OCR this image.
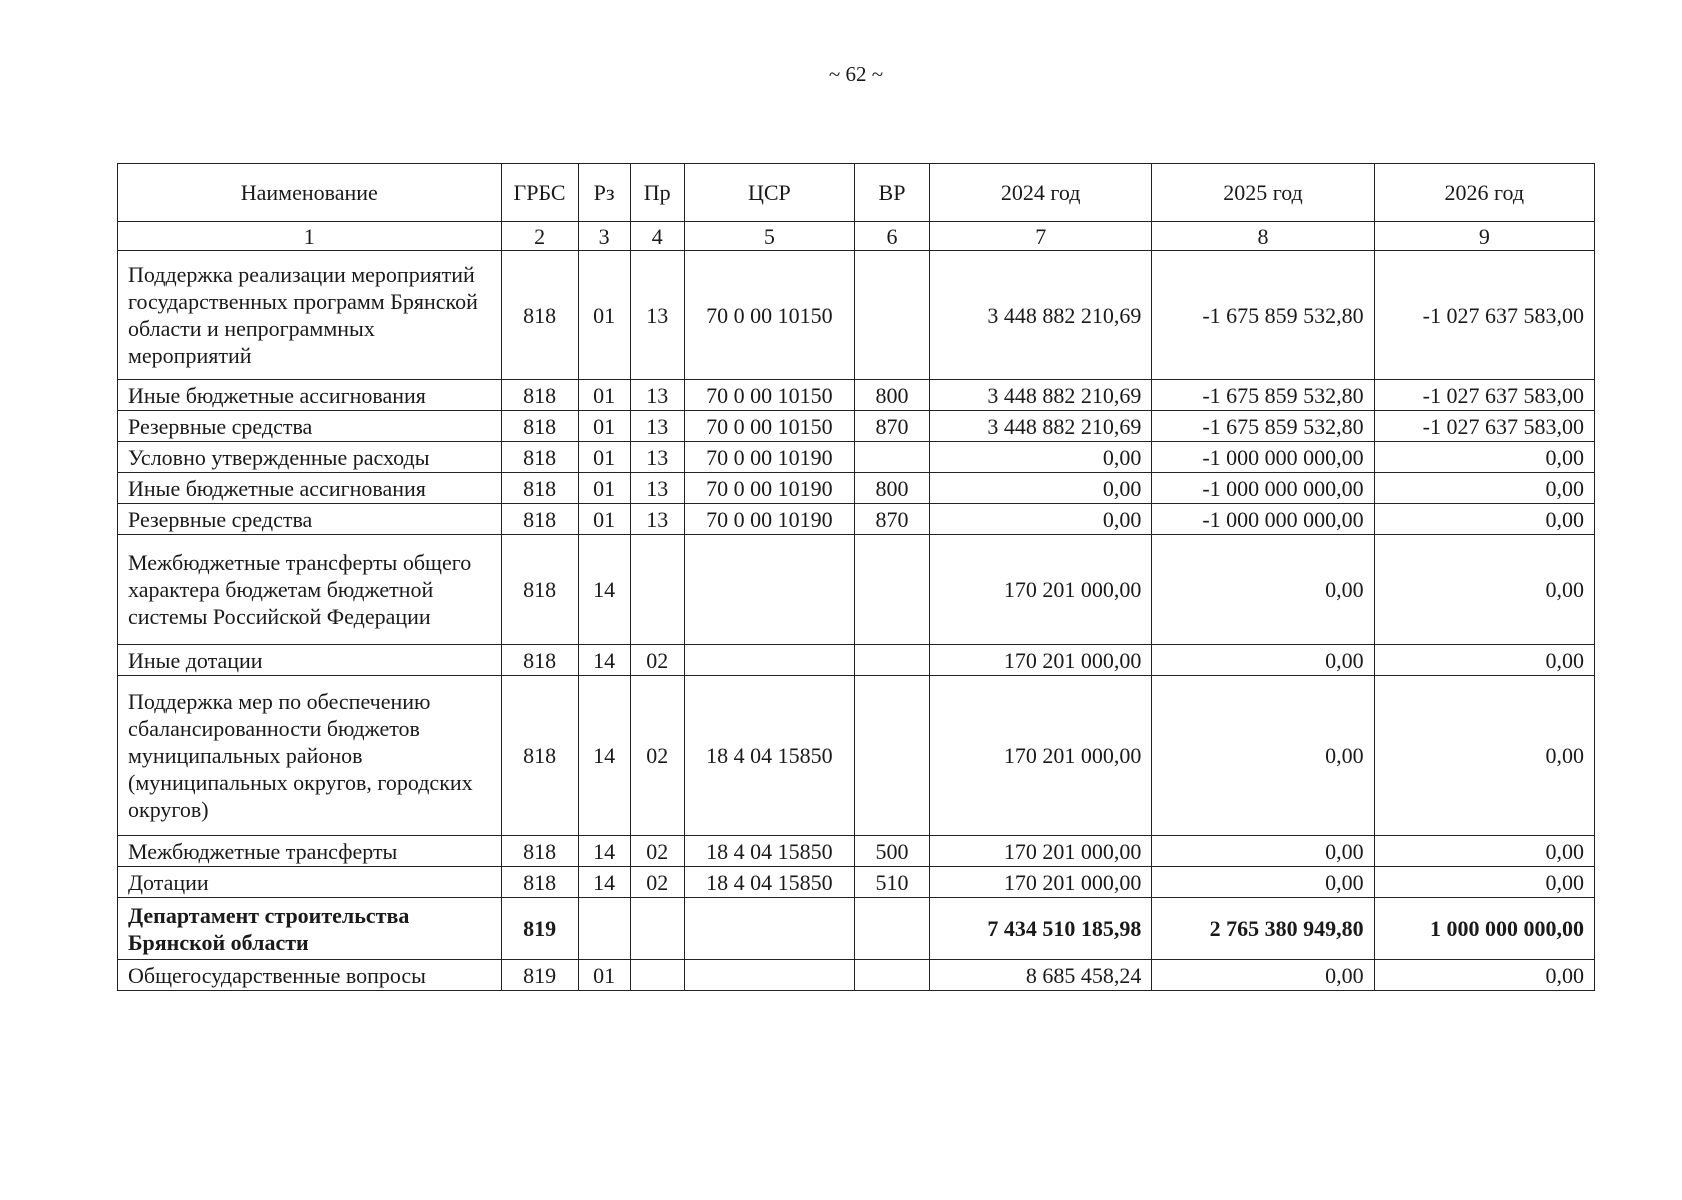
~ 62 ~
Наименование	ГРБС	Рз	Пр	ЦСР	ВР	2024 год	2025 год	2026 год
1	2	3	4	5	6	7	8	9
Поддержка реализации мероприятий государственных программ Брянской области и непрограммных мероприятий	818	01	13	70 0 00 10150		3 448 882 210,69	-1 675 859 532,80	-1 027 637 583,00
Иные бюджетные ассигнования	818	01	13	70 0 00 10150	800	3 448 882 210,69	-1 675 859 532,80	-1 027 637 583,00
Резервные средства	818	01	13	70 0 00 10150	870	3 448 882 210,69	-1 675 859 532,80	-1 027 637 583,00
Условно утвержденные расходы	818	01	13	70 0 00 10190		0,00	-1 000 000 000,00	0,00
Иные бюджетные ассигнования	818	01	13	70 0 00 10190	800	0,00	-1 000 000 000,00	0,00
Резервные средства	818	01	13	70 0 00 10190	870	0,00	-1 000 000 000,00	0,00
Межбюджетные трансферты общего характера бюджетам бюджетной системы Российской Федерации	818	14				170 201 000,00	0,00	0,00
Иные дотации	818	14	02			170 201 000,00	0,00	0,00
Поддержка мер по обеспечению сбалансированности бюджетов муниципальных районов (муниципальных округов, городских округов)	818	14	02	18 4 04 15850		170 201 000,00	0,00	0,00
Межбюджетные трансферты	818	14	02	18 4 04 15850	500	170 201 000,00	0,00	0,00
Дотации	818	14	02	18 4 04 15850	510	170 201 000,00	0,00	0,00
Департамент строительства Брянской области	819					7 434 510 185,98	2 765 380 949,80	1 000 000 000,00
Общегосударственные вопросы	819	01				8 685 458,24	0,00	0,00
